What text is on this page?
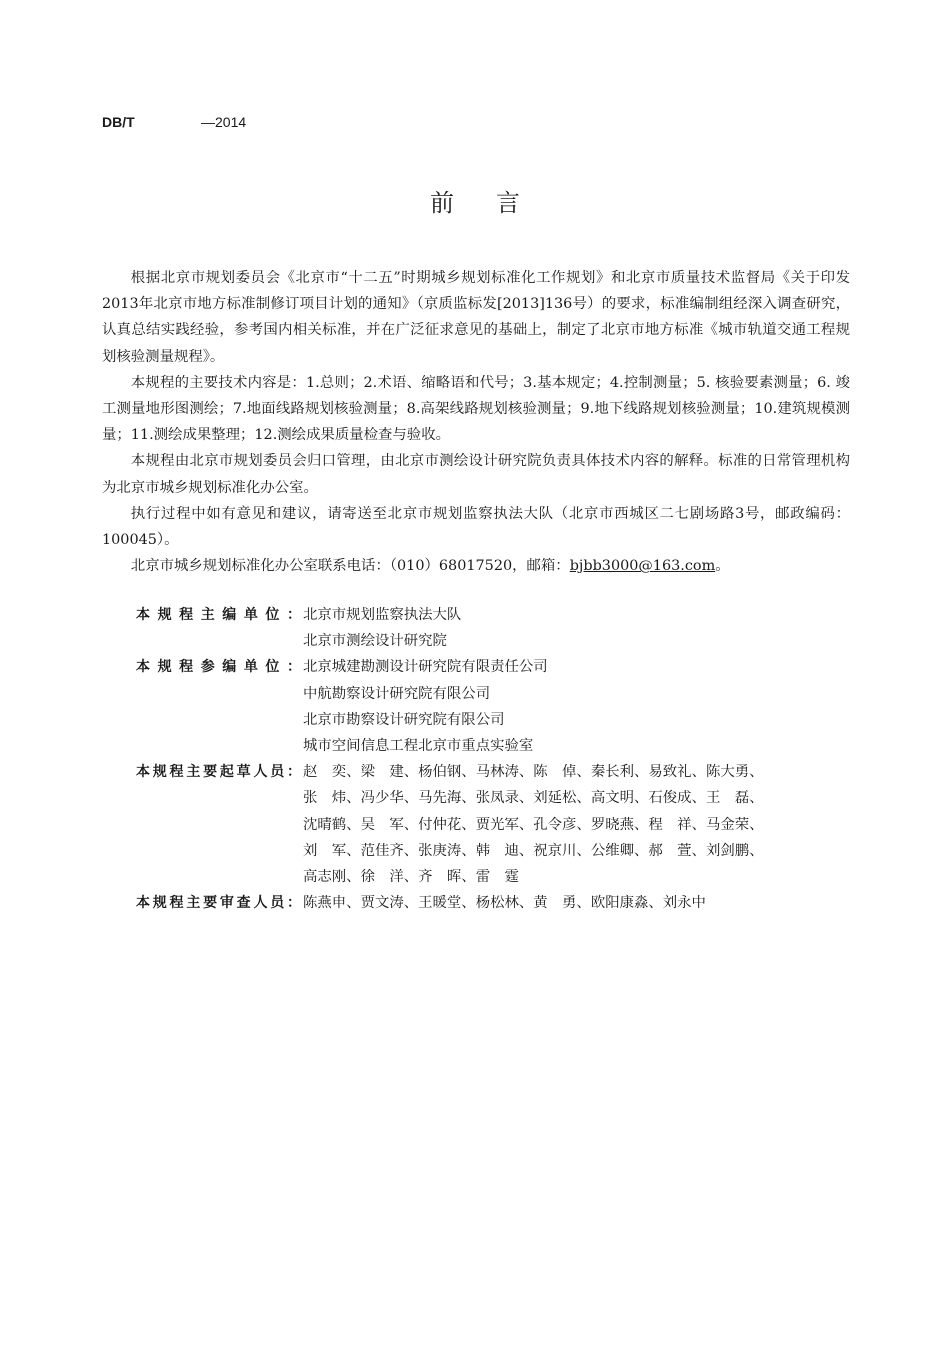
DB/T	—2014
前言

根据北京市规划委员会《北京市“十二五”时期城乡规划标准化工作规划》和北京市质量技术监督局《关于印发2013年北京市地方标准制修订项目计划的通知》（京质监标发[2013]136号）的要求，标准编制组经深入调查研究，认真总结实践经验，参考国内相关标准，并在广泛征求意见的基础上，制定了北京市地方标准《城市轨道交通工程规划核验测量规程》。

本规程的主要技术内容是：1.总则；2.术语、缩略语和代号；3.基本规定；4.控制测量；5. 核验要素测量；6. 竣工测量地形图测绘；7.地面线路规划核验测量；8.高架线路规划核验测量；9.地下线路规划核验测量；10.建筑规模测量；11.测绘成果整理；12.测绘成果质量检查与验收。

本规程由北京市规划委员会归口管理，由北京市测绘设计研究院负责具体技术内容的解释。标准的日常管理机构为北京市城乡规划标准化办公室。

执行过程中如有意见和建议，请寄送至北京市规划监察执法大队（北京市西城区二七剧场路3号，邮政编码：100045）。

北京市城乡规划标准化办公室联系电话：（010）68017520，邮箱：bjbb3000@163.com。

本规程主编单位： 北京市规划监察执法大队
北京市测绘设计研究院
本规程参编单位： 北京城建勘测设计研究院有限责任公司
中航勘察设计研究院有限公司
北京市勘察设计研究院有限公司
城市空间信息工程北京市重点实验室
本规程主要起草人员： 赵　奕、梁　建、杨伯钢、马林涛、陈　倬、秦长利、易致礼、陈大勇、
张　炜、冯少华、马先海、张凤录、刘延松、高文明、石俊成、王　磊、
沈晴鹤、吴　军、付仲花、贾光军、孔令彦、罗晓燕、程　祥、马金荣、
刘　军、范佳齐、张庚涛、韩　迪、祝京川、公维卿、郝　萱、刘剑鹏、
高志刚、徐　洋、齐　晖、雷　霆
本规程主要审查人员： 陈燕申、贾文涛、王暖堂、杨松林、黄　勇、欧阳康淼、刘永中
